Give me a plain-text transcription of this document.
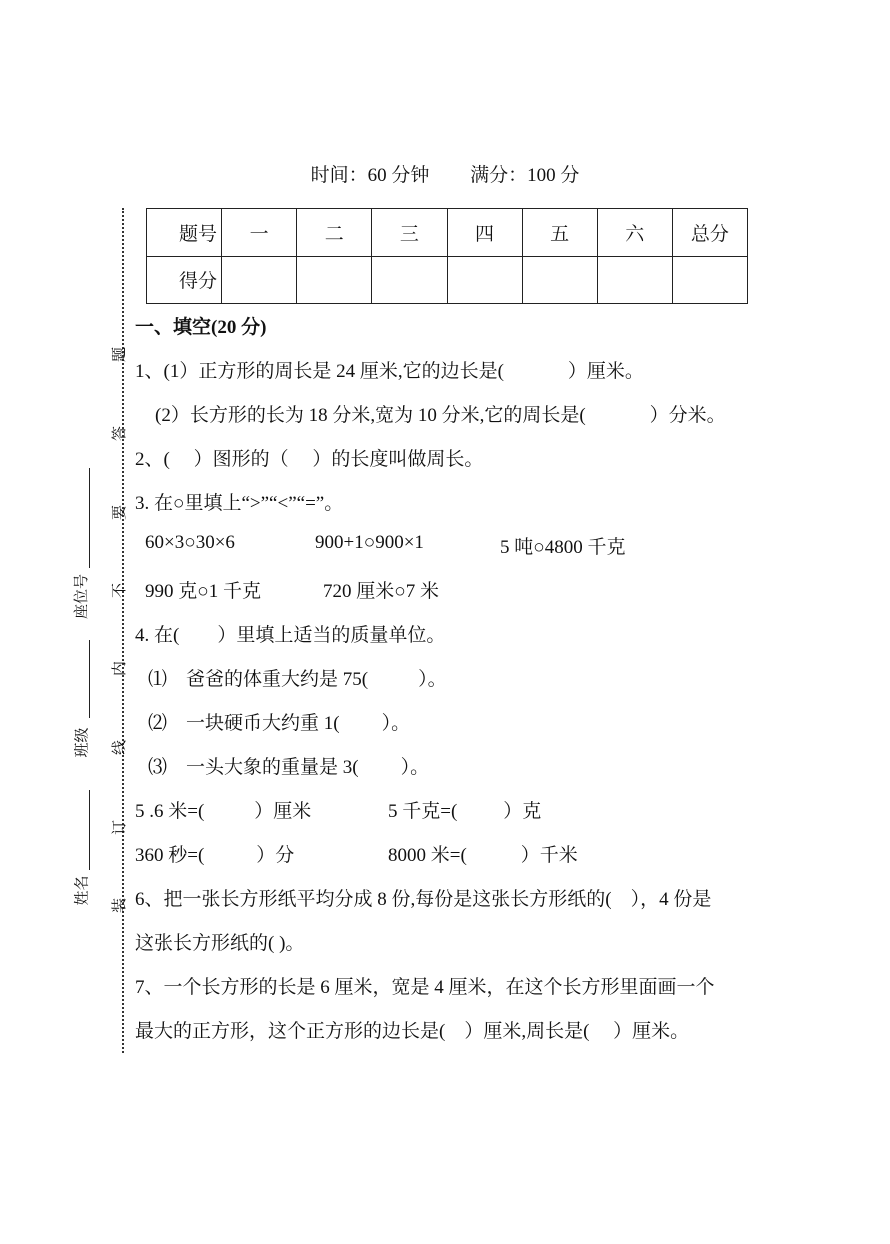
时间：60 分钟 满分：100 分
题号	一	二	三	四	五	六	总分
得分							
题
答
要
不
内
线
订
装
座位号
班级
姓名
一、填空(20 分)
1、(1）正方形的周长是 24 厘米,它的边长是(	）厘米。
(2）长方形的长为 18 分米,宽为 10 分米,它的周长是(	）分米。
2、(　 ）图形的（　 ）的长度叫做周长。
3. 在○里填上“>”“<”“=”。
60×3○30×6	900+1○900×1	5 吨○4800 千克
990 克○1 千克	720 厘米○7 米
4. 在( ）里填上适当的质量单位。
⑴　爸爸的体重大约是 75(	）。
⑵　一块硬币大约重 1( ）。
⑶　一头大象的重量是 3( ）。
5 .6 米=(	）厘米	5 千克=( ）克
360 秒=(	）分	8000 米=(	）千米
6、把一张长方形纸平均分成 8 份,每份是这张长方形纸的(　），4 份是
这张长方形纸的( )。
7、一个长方形的长是 6 厘米，宽是 4 厘米，在这个长方形里面画一个
最大的正方形，这个正方形的边长是(　）厘米,周长是(　 ）厘米。
